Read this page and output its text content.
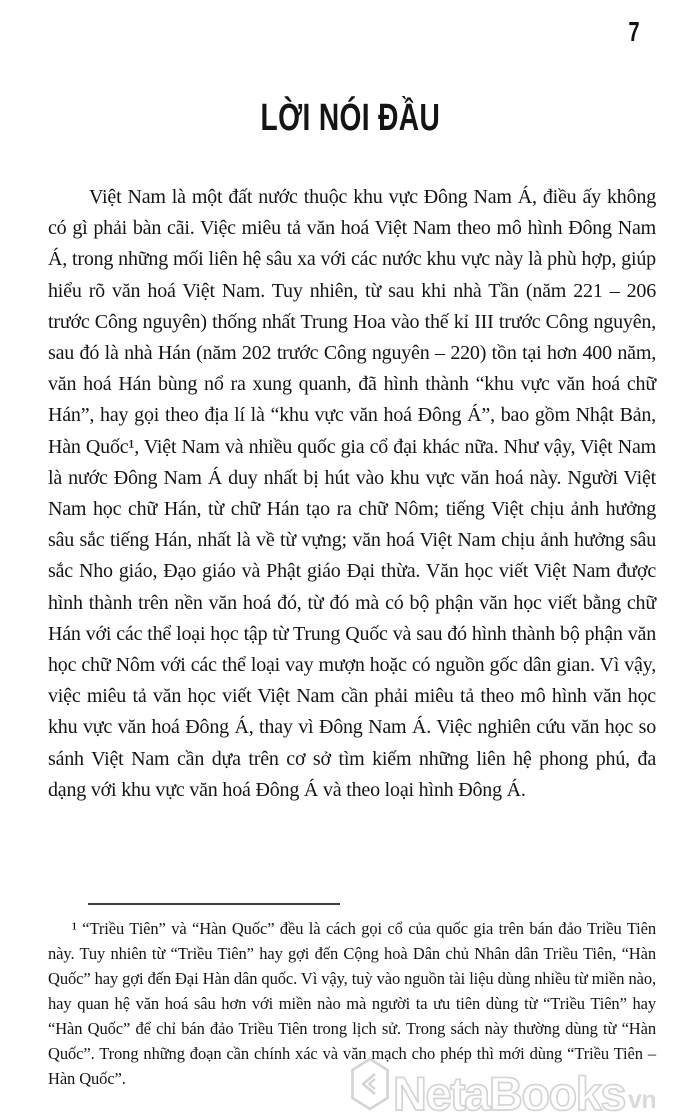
7
LỜI NÓI ĐẦU
Việt Nam là một đất nước thuộc khu vực Đông Nam Á, điều ấy không có gì phải bàn cãi. Việc miêu tả văn hoá Việt Nam theo mô hình Đông Nam Á, trong những mối liên hệ sâu xa với các nước khu vực này là phù hợp, giúp hiểu rõ văn hoá Việt Nam. Tuy nhiên, từ sau khi nhà Tần (năm 221 – 206 trước Công nguyên) thống nhất Trung Hoa vào thế kỉ III trước Công nguyên, sau đó là nhà Hán (năm 202 trước Công nguyên – 220) tồn tại hơn 400 năm, văn hoá Hán bùng nổ ra xung quanh, đã hình thành “khu vực văn hoá chữ Hán”, hay gọi theo địa lí là “khu vực văn hoá Đông Á”, bao gồm Nhật Bản, Hàn Quốc¹, Việt Nam và nhiều quốc gia cổ đại khác nữa. Như vậy, Việt Nam là nước Đông Nam Á duy nhất bị hút vào khu vực văn hoá này. Người Việt Nam học chữ Hán, từ chữ Hán tạo ra chữ Nôm; tiếng Việt chịu ảnh hưởng sâu sắc tiếng Hán, nhất là về từ vựng; văn hoá Việt Nam chịu ảnh hưởng sâu sắc Nho giáo, Đạo giáo và Phật giáo Đại thừa. Văn học viết Việt Nam được hình thành trên nền văn hoá đó, từ đó mà có bộ phận văn học viết bằng chữ Hán với các thể loại học tập từ Trung Quốc và sau đó hình thành bộ phận văn học chữ Nôm với các thể loại vay mượn hoặc có nguồn gốc dân gian. Vì vậy, việc miêu tả văn học viết Việt Nam cần phải miêu tả theo mô hình văn học khu vực văn hoá Đông Á, thay vì Đông Nam Á. Việc nghiên cứu văn học so sánh Việt Nam cần dựa trên cơ sở tìm kiếm những liên hệ phong phú, đa dạng với khu vực văn hoá Đông Á và theo loại hình Đông Á.
¹ “Triều Tiên” và “Hàn Quốc” đều là cách gọi cổ của quốc gia trên bán đảo Triều Tiên này. Tuy nhiên từ “Triều Tiên” hay gợi đến Cộng hoà Dân chủ Nhân dân Triều Tiên, “Hàn Quốc” hay gợi đến Đại Hàn dân quốc. Vì vậy, tuỳ vào nguồn tài liệu dùng nhiều từ miền nào, hay quan hệ văn hoá sâu hơn với miền nào mà người ta ưu tiên dùng từ “Triều Tiên” hay “Hàn Quốc” để chỉ bán đảo Triều Tiên trong lịch sử. Trong sách này thường dùng từ “Hàn Quốc”. Trong những đoạn cần chính xác và văn mạch cho phép thì mới dùng “Triều Tiên – Hàn Quốc”.	NetaBooks vn
